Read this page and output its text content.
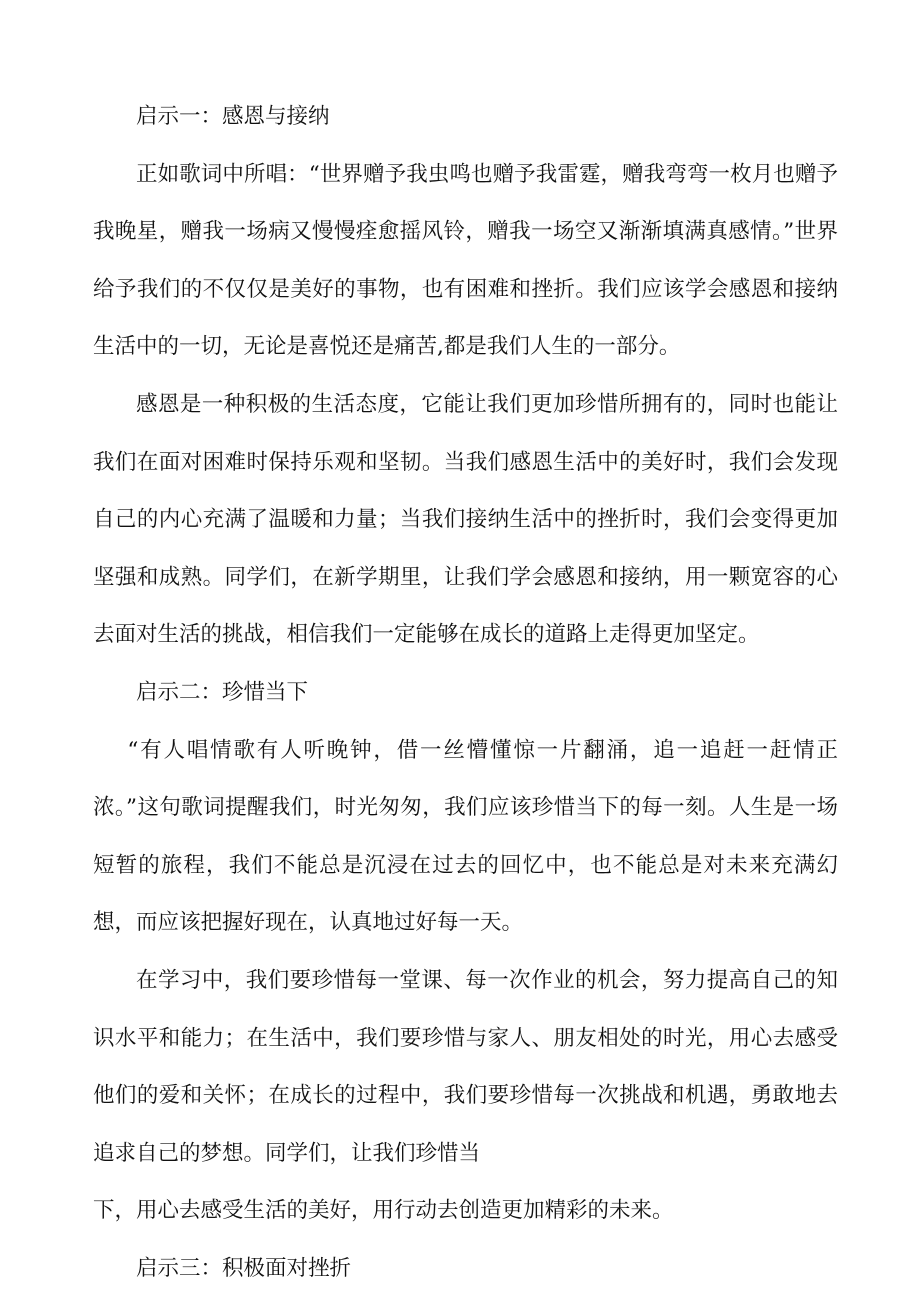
启示一：感恩与接纳

正如歌词中所唱：“世界赠予我虫鸣也赠予我雷霆，赠我弯弯一枚月也赠予我晚星，赠我一场病又慢慢痊愈摇风铃，赠我一场空又渐渐填满真感情。”世界给予我们的不仅仅是美好的事物，也有困难和挫折。我们应该学会感恩和接纳生活中的一切，无论是喜悦还是痛苦,都是我们人生的一部分。

感恩是一种积极的生活态度，它能让我们更加珍惜所拥有的，同时也能让我们在面对困难时保持乐观和坚韧。当我们感恩生活中的美好时，我们会发现自己的内心充满了温暖和力量；当我们接纳生活中的挫折时，我们会变得更加坚强和成熟。同学们，在新学期里，让我们学会感恩和接纳，用一颗宽容的心去面对生活的挑战，相信我们一定能够在成长的道路上走得更加坚定。

启示二：珍惜当下

“有人唱情歌有人听晚钟，借一丝懵懂惊一片翻涌，追一追赶一赶情正浓。”这句歌词提醒我们，时光匆匆，我们应该珍惜当下的每一刻。人生是一场短暂的旅程，我们不能总是沉浸在过去的回忆中，也不能总是对未来充满幻想，而应该把握好现在，认真地过好每一天。

在学习中，我们要珍惜每一堂课、每一次作业的机会，努力提高自己的知识水平和能力；在生活中，我们要珍惜与家人、朋友相处的时光，用心去感受他们的爱和关怀；在成长的过程中，我们要珍惜每一次挑战和机遇，勇敢地去追求自己的梦想。同学们，让我们珍惜当

下，用心去感受生活的美好，用行动去创造更加精彩的未来。

启示三：积极面对挫折
